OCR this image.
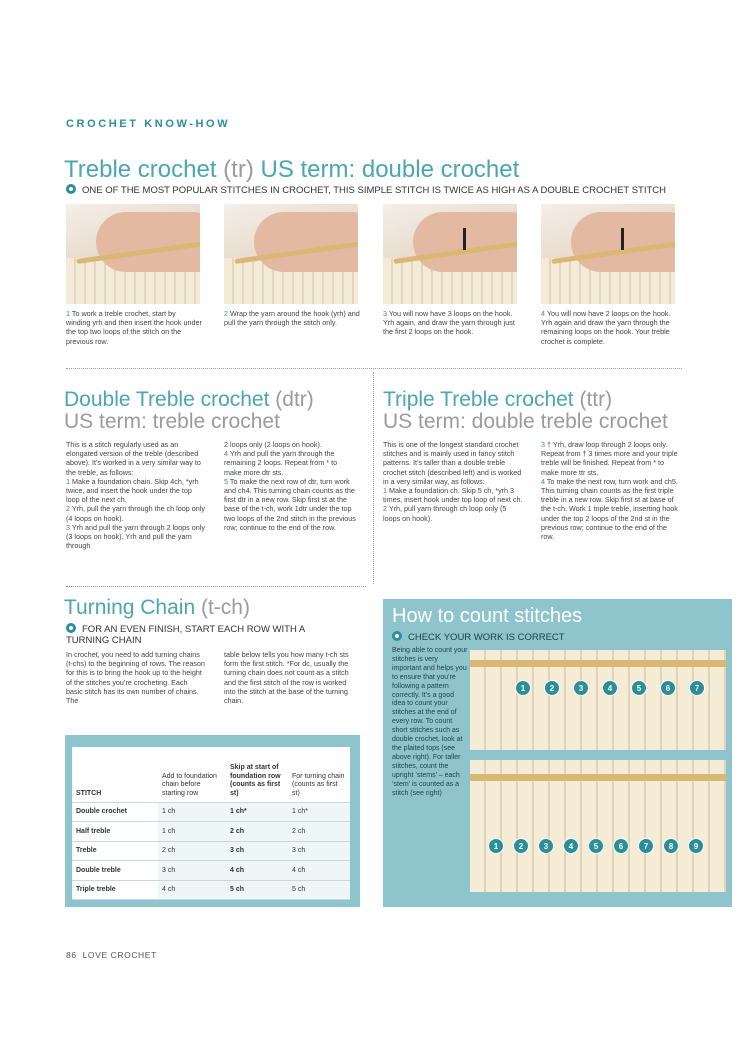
CROCHET KNOW-HOW
Treble crochet (tr) US term: double crochet
ONE OF THE MOST POPULAR STITCHES IN CROCHET, THIS SIMPLE STITCH IS TWICE AS HIGH AS A DOUBLE CROCHET STITCH
1 To work a treble crochet, start by winding yrh and then insert the hook under the top two loops of the stitch on the previous row.
2 Wrap the yarn around the hook (yrh) and pull the yarn through the stitch only.
3 You will now have 3 loops on the hook. Yrh again, and draw the yarn through just the first 2 loops on the hook.
4 You will now have 2 loops on the hook. Yrh again and draw the yarn through the remaining loops on the hook. Your treble crochet is complete.
Double Treble crochet (dtr)
US term: treble crochet
This is a stitch regularly used as an elongated version of the treble (described above). It’s worked in a very similar way to the treble, as follows:
1 Make a foundation chain. Skip 4ch, *yrh twice, and insert the hook under the top loop of the next ch.
2 Yrh, pull the yarn through the ch loop only (4 loops on hook).
3 Yrh and pull the yarn through 2 loops only (3 loops on hook). Yrh and pull the yarn through
2 loops only (2 loops on hook).
4 Yrh and pull the yarn through the remaining 2 loops. Repeat from * to make more dtr sts.
5 To make the next row of dtr, turn work and ch4. This turning chain counts as the first dtr in a new row. Skip first st at the base of the t-ch, work 1dtr under the top two loops of the 2nd stitch in the previous row; continue to the end of the row.
Triple Treble crochet (ttr)
US term: double treble crochet
This is one of the longest standard crochet stitches and is mainly used in fancy stitch patterns. It’s taller than a double treble crochet stitch (described left) and is worked in a very similar way, as follows:
1 Make a foundation ch. Skip 5 ch, *yrh 3 times, insert hook under top loop of next ch.
2 Yrh, pull yarn through ch loop only (5 loops on hook).
3 † Yrh, draw loop through 2 loops only. Repeat from † 3 times more and your triple treble will be finished. Repeat from * to make more ttr sts.
4 To make the next row, turn work and ch5. This turning chain counts as the first triple treble in a new row. Skip first st at base of the t-ch. Work 1 triple treble, inserting hook under the top 2 loops of the 2nd st in the previous row; continue to the end of the row.
Turning Chain (t-ch)
FOR AN EVEN FINISH, START EACH ROW WITH A
TURNING CHAIN
In crochet, you need to add turning chains (t-chs) to the beginning of rows. The reason for this is to bring the hook up to the height of the stitches you’re crocheting. Each basic stitch has its own number of chains. The
table below tells you how many t-ch sts form the first stitch. *For dc, usually the turning chain does not count as a stitch and the first stitch of the row is worked into the stitch at the base of the turning chain.
STITCH	Add to foundation chain before starting row	Skip at start of foundation row (counts as first st)	For turning chain (counts as first st)
Double crochet	1 ch	1 ch*	1 ch*
Half treble	1 ch	2 ch	2 ch
Treble	2 ch	3 ch	3 ch
Double treble	3 ch	4 ch	4 ch
Triple treble	4 ch	5 ch	5 ch
How to count stitches
CHECK YOUR WORK IS CORRECT
Being able to count your stitches is very important and helps you to ensure that you’re following a pattern correctly. It’s a good idea to count your stitches at the end of every row. To count short stitches such as double crochet, look at the plaited tops (see above right). For taller stitches, count the upright ‘stems’ – each ‘stem’ is counted as a stitch (see right)
1	2	3	4	5	6	7
1	2	3	4	5	6	7	8	9
86 LOVE CROCHET
